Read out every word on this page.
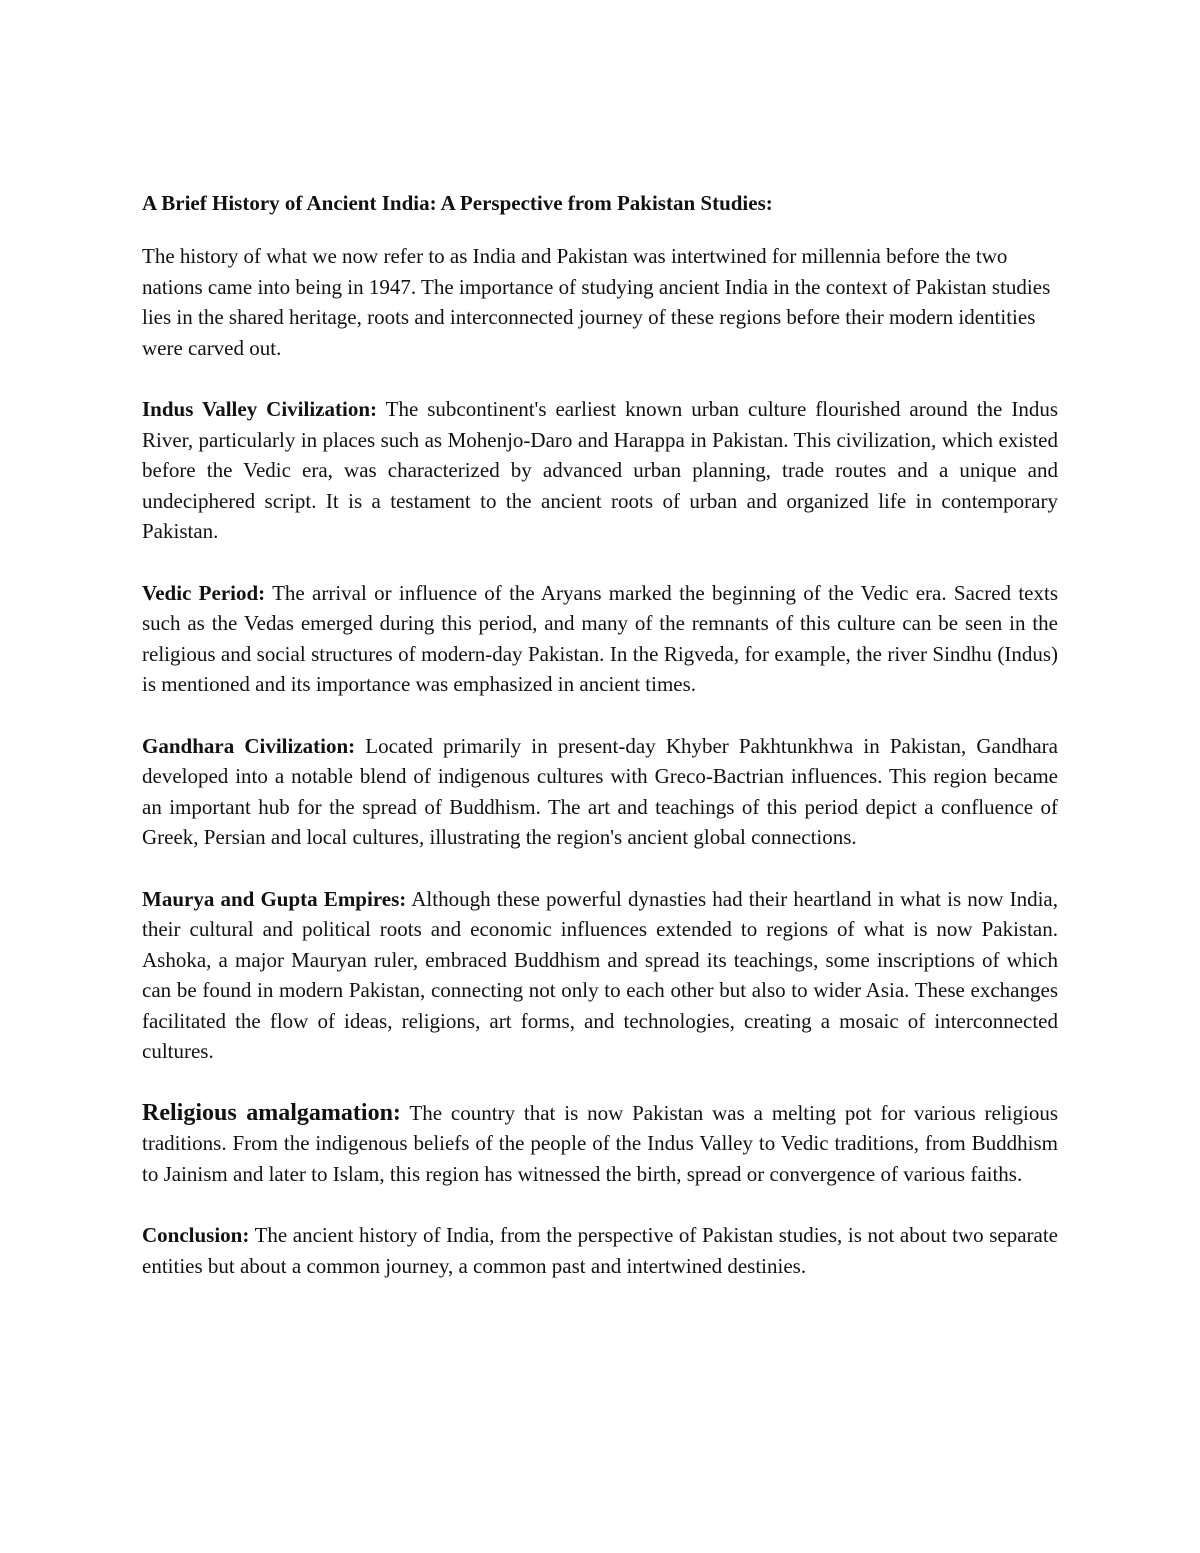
A Brief History of Ancient India: A Perspective from Pakistan Studies:

The history of what we now refer to as India and Pakistan was intertwined for millennia before the two nations came into being in 1947. The importance of studying ancient India in the context of Pakistan studies lies in the shared heritage, roots and interconnected journey of these regions before their modern identities were carved out.

Indus Valley Civilization: The subcontinent's earliest known urban culture flourished around the Indus River, particularly in places such as Mohenjo-Daro and Harappa in Pakistan. This civilization, which existed before the Vedic era, was characterized by advanced urban planning, trade routes and a unique and undeciphered script. It is a testament to the ancient roots of urban and organized life in contemporary Pakistan.

Vedic Period: The arrival or influence of the Aryans marked the beginning of the Vedic era. Sacred texts such as the Vedas emerged during this period, and many of the remnants of this culture can be seen in the religious and social structures of modern-day Pakistan. In the Rigveda, for example, the river Sindhu (Indus) is mentioned and its importance was emphasized in ancient times.

Gandhara Civilization: Located primarily in present-day Khyber Pakhtunkhwa in Pakistan, Gandhara developed into a notable blend of indigenous cultures with Greco-Bactrian influences. This region became an important hub for the spread of Buddhism. The art and teachings of this period depict a confluence of Greek, Persian and local cultures, illustrating the region's ancient global connections.

Maurya and Gupta Empires: Although these powerful dynasties had their heartland in what is now India, their cultural and political roots and economic influences extended to regions of what is now Pakistan. Ashoka, a major Mauryan ruler, embraced Buddhism and spread its teachings, some inscriptions of which can be found in modern Pakistan, connecting not only to each other but also to wider Asia. These exchanges facilitated the flow of ideas, religions, art forms, and technologies, creating a mosaic of interconnected cultures.

Religious amalgamation: The country that is now Pakistan was a melting pot for various religious traditions. From the indigenous beliefs of the people of the Indus Valley to Vedic traditions, from Buddhism to Jainism and later to Islam, this region has witnessed the birth, spread or convergence of various faiths.

Conclusion: The ancient history of India, from the perspective of Pakistan studies, is not about two separate entities but about a common journey, a common past and intertwined destinies.
